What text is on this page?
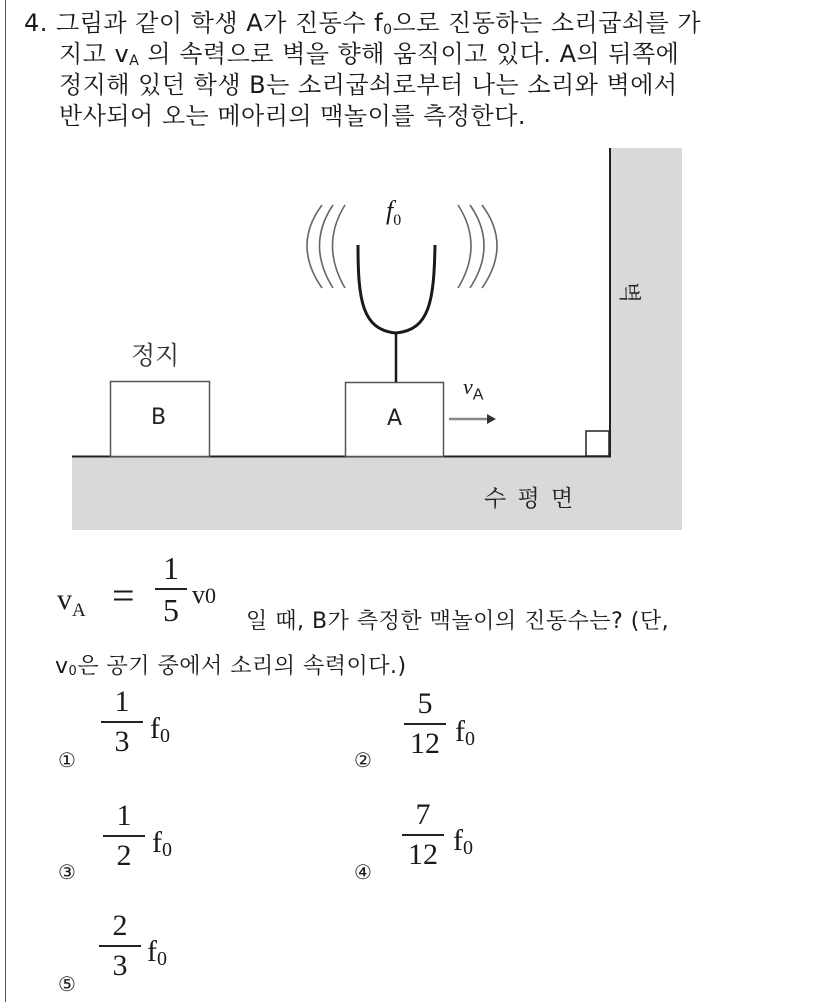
4. 그림과 같이 학생 A가 진동수 $f_0$으로 진동하는 소리굽쇠를 가
지고 $v_A$ 의 속력으로 벽을 향해 움직이고 있다. A의 뒤쪽에
정지해 있던 학생 B는 소리굽쇠로부터 나는 소리와 벽에서
반사되어 오는 메아리의 맥놀이를 측정한다.
$f_0$
정지
B	A
$v_A$
벽
수 평 면
$v_A$ =
1
5 v0
일 때, B가 측정한 맥놀이의 진동수는? (단,
$v_0$은 공기 중에서 소리의 속력이다.)
①
1
3 $f_0$
②
5
12 $f_0$
③
1
2 $f_0$
④
7
12 $f_0$
⑤
2
3 $f_0$
